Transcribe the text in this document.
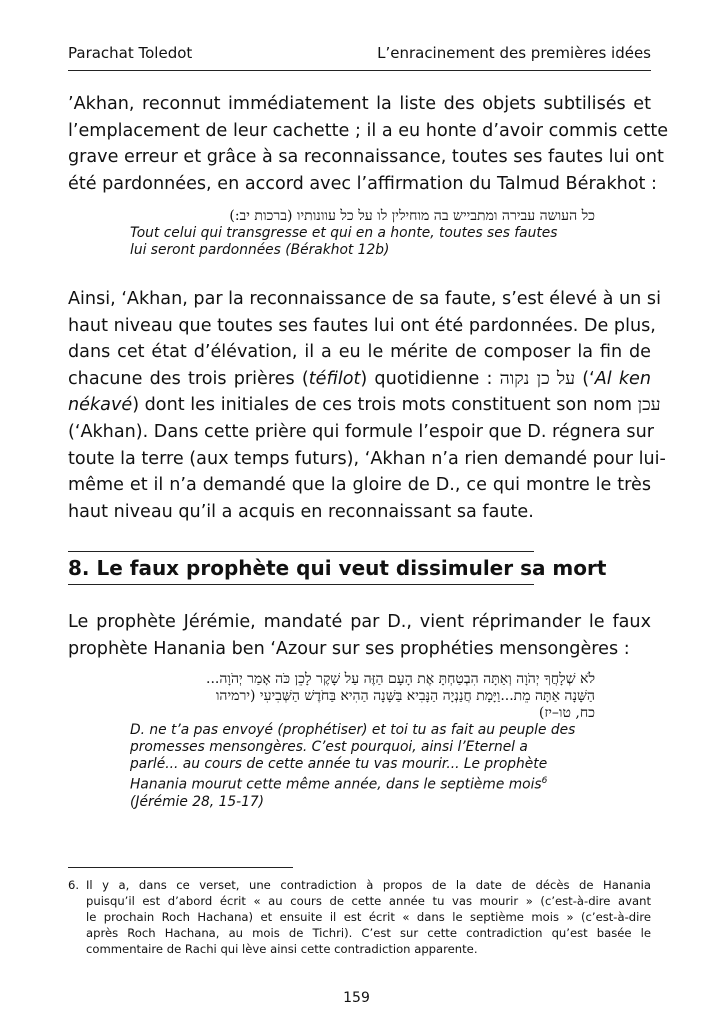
Parachat Toledot	L’enracinement des premières idées

’Akhan, reconnut immédiatement la liste des objets subtilisés et
l’emplacement de leur cachette ; il a eu honte d’avoir commis cette
grave erreur et grâce à sa reconnaissance, toutes ses fautes lui ont
été pardonnées, en accord avec l’affirmation du Talmud Bérakhot :

כל העושה עבירה ומתבייש בה מוחילין לו על כל עוונותיו (ברכות יב:)
Tout celui qui transgresse et qui en a honte, toutes ses fautes
lui seront pardonnées (Bérakhot 12b)

Ainsi, ‘Akhan, par la reconnaissance de sa faute, s’est élevé à un si
haut niveau que toutes ses fautes lui ont été pardonnées. De plus,
dans cet état d’élévation, il a eu le mérite de composer la fin de
chacune des trois prières (téfilot) quotidienne : על כן נקוה (‘Al ken
nékavé) dont les initiales de ces trois mots constituent son nom עכן
(‘Akhan). Dans cette prière qui formule l’espoir que D. régnera sur
toute la terre (aux temps futurs), ‘Akhan n’a rien demandé pour lui-
même et il n’a demandé que la gloire de D., ce qui montre le très
haut niveau qu’il a acquis en reconnaissant sa faute.

8. Le faux prophète qui veut dissimuler sa mort

Le prophète Jérémie, mandaté par D., vient réprimander le faux
prophète Hanania ben ‘Azour sur ses prophéties mensongères :

לֹא שְׁלָחֲךָ יְהֹוָה וְאַתָּה הִבְטַחְתָּ אֶת הָעָם הַזֶּה עַל שָׁקֶר לָכֵן כֹּה אָמַר יְהֹוָה...
הַשָּׁנָה אַתָּה מֵת...וַיָּמָת חֲנַנְיָה הַנָּבִיא בַּשָּׁנָה הַהִיא בַּחֹדֶשׁ הַשְּׁבִיעִי (ירמיהו
כח, טו–יז)
D. ne t’a pas envoyé (prophétiser) et toi tu as fait au peuple des
promesses mensongères. C’est pourquoi, ainsi l’Eternel a
parlé... au cours de cette année tu vas mourir... Le prophète
Hanania mourut cette même année, dans le septième mois$^6$
(Jérémie 28, 15-17)
6. Il y a, dans ce verset, une contradiction à propos de la date de décès de Hanania
puisqu’il est d’abord écrit « au cours de cette année tu vas mourir » (c’est-à-dire avant
le prochain Roch Hachana) et ensuite il est écrit « dans le septième mois » (c’est-à-dire
après Roch Hachana, au mois de Tichri). C’est sur cette contradiction qu’est basée le
commentaire de Rachi qui lève ainsi cette contradiction apparente.
159
